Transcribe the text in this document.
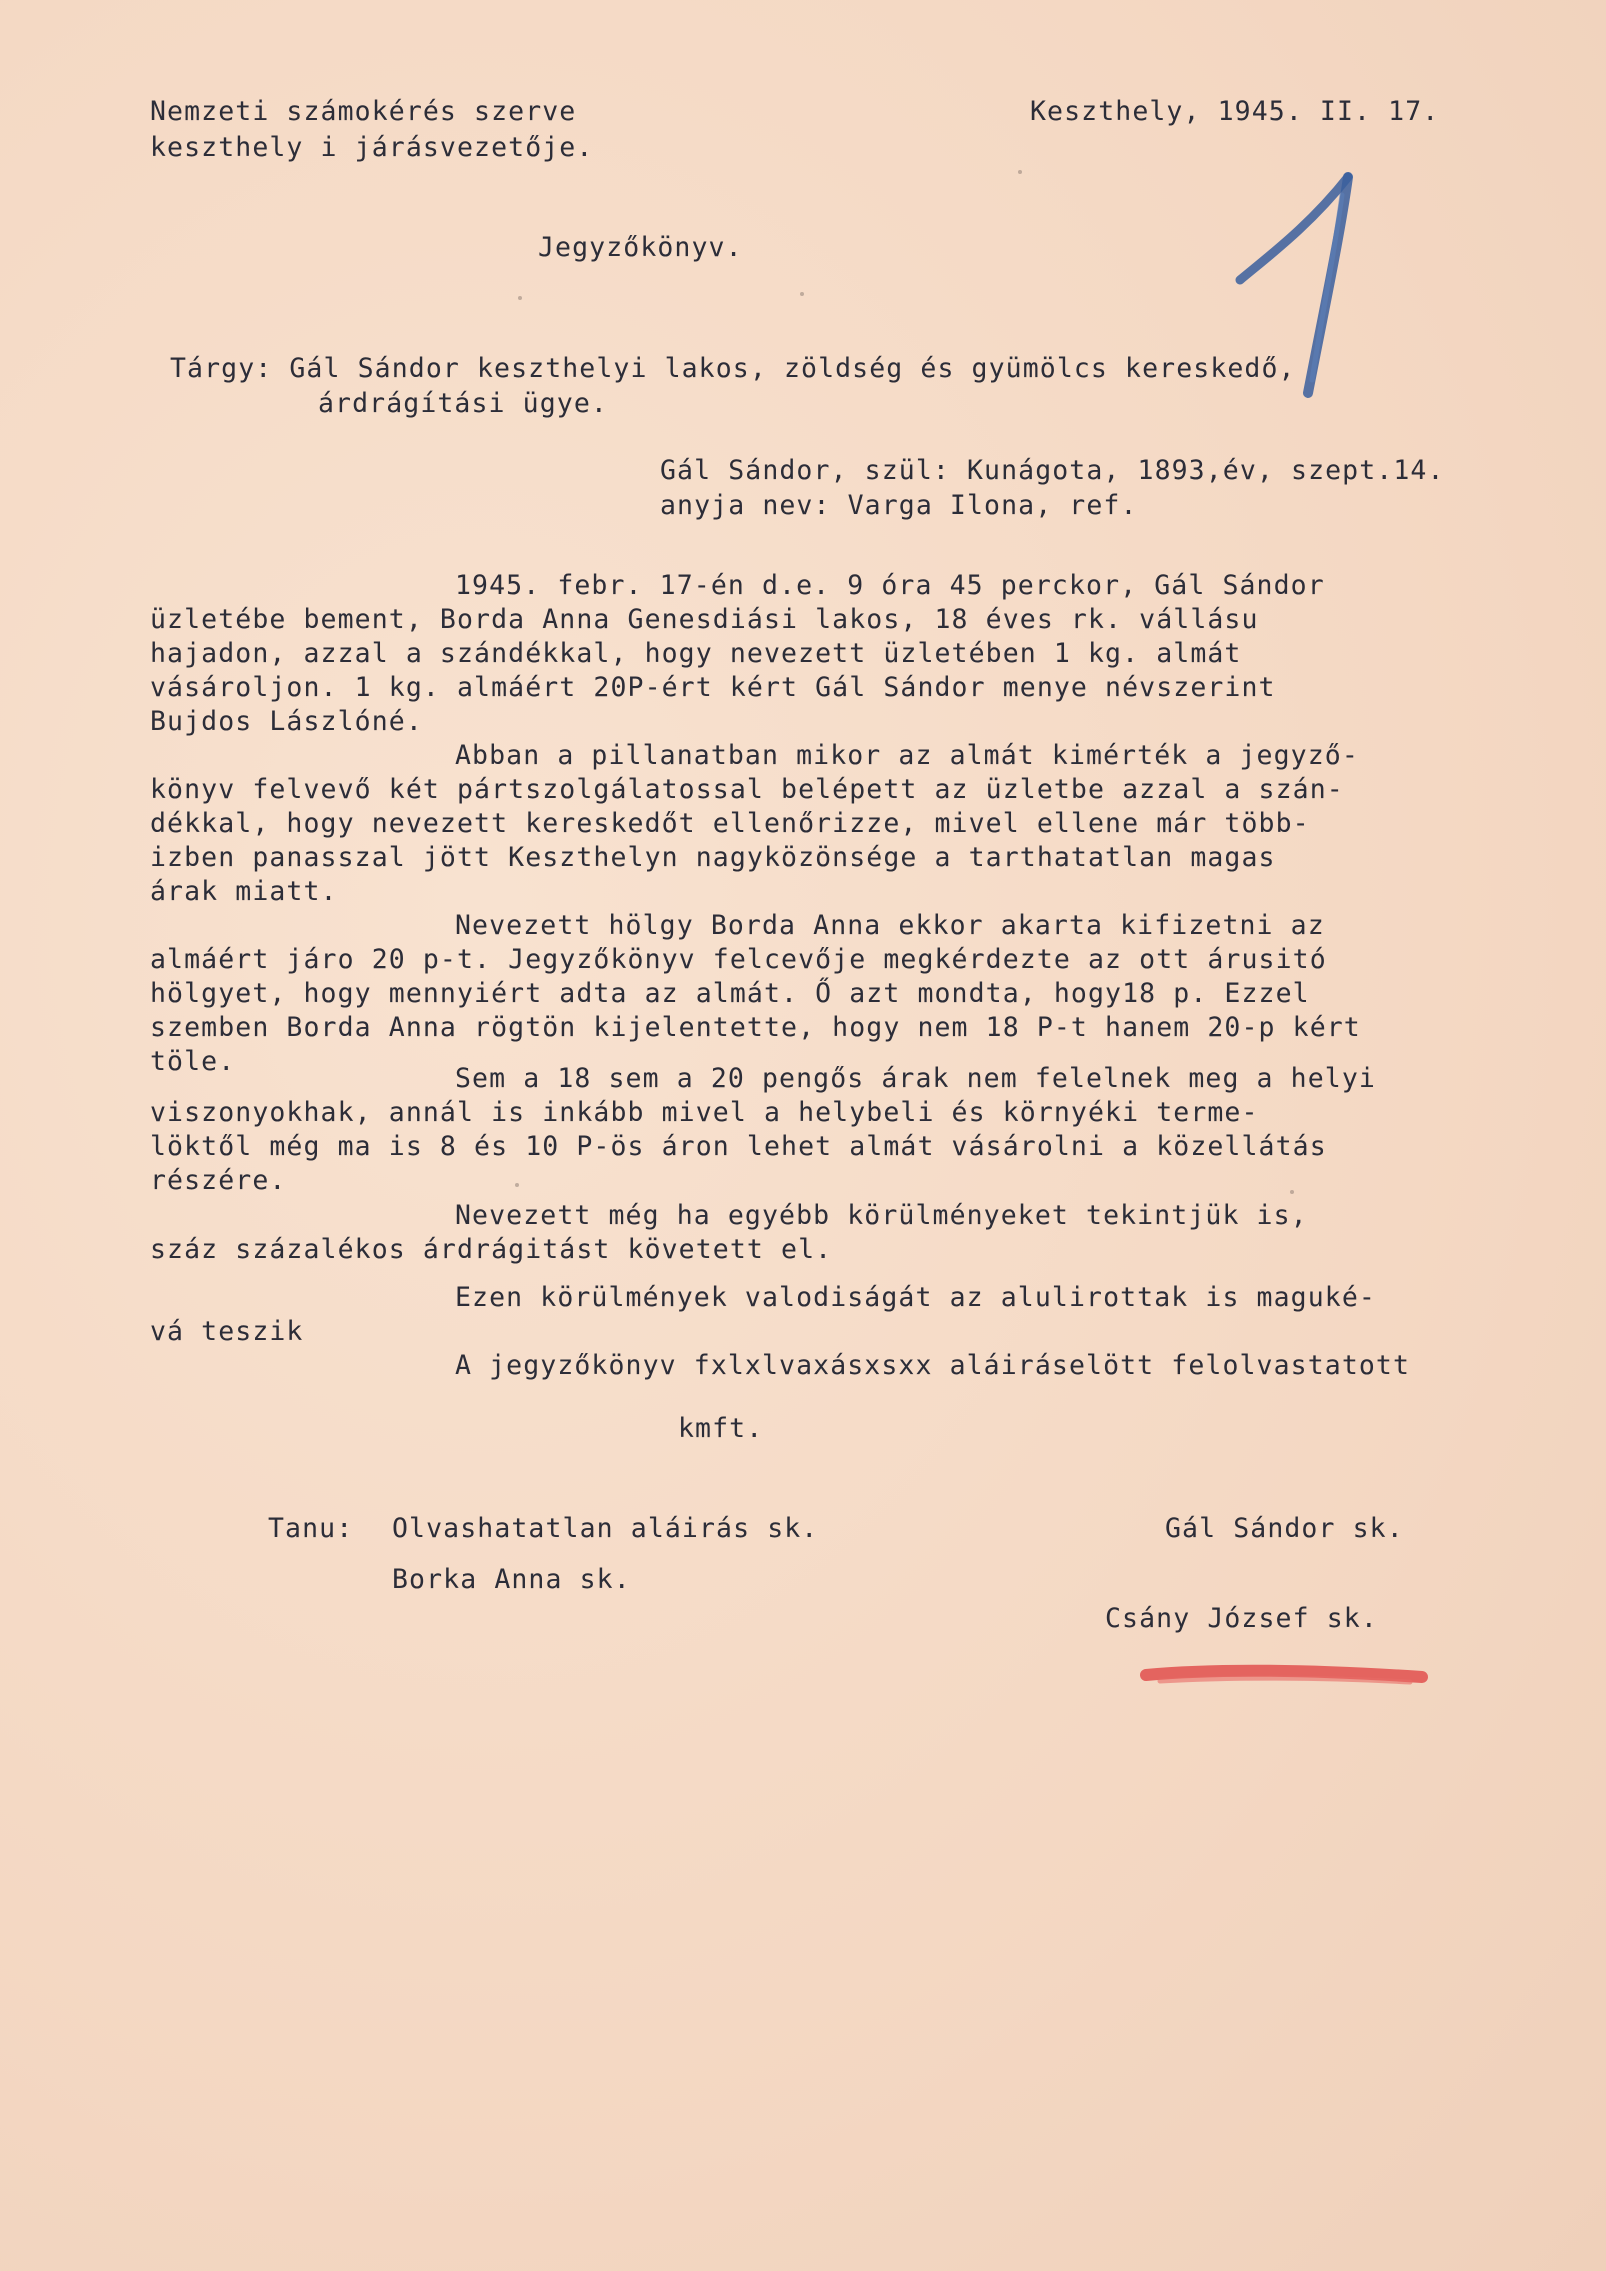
Nemzeti számokérés szerve
keszthely i járásvezetője.
Keszthely, 1945. II. 17.
Jegyzőkönyv.
Tárgy: Gál Sándor keszthelyi lakos, zöldség és gyümölcs kereskedő,
árdrágítási ügye.
Gál Sándor, szül: Kunágota, 1893,év, szept.14.
anyja nev: Varga Ilona, ref.
1945. febr. 17-én d.e. 9 óra 45 perckor, Gál Sándor
üzletébe bement, Borda Anna Genesdiási lakos, 18 éves rk. vállásu
hajadon, azzal a szándékkal, hogy nevezett üzletében 1 kg. almát
vásároljon. 1 kg. almáért 20P-ért kért Gál Sándor menye névszerint
Bujdos Lászlóné.
Abban a pillanatban mikor az almát kimérték a jegyző-
könyv felvevő két pártszolgálatossal belépett az üzletbe azzal a szán-
dékkal, hogy nevezett kereskedőt ellenőrizze, mivel ellene már több-
izben panasszal jött Keszthelyn nagyközönsége a tarthatatlan magas
árak miatt.
Nevezett hölgy Borda Anna ekkor akarta kifizetni az
almáért járo 20 p-t. Jegyzőkönyv felcevője megkérdezte az ott árusitó
hölgyet, hogy mennyiért adta az almát. Ő azt mondta, hogy18 p. Ezzel
szemben Borda Anna rögtön kijelentette, hogy nem 18 P-t hanem 20-p kért
töle.
Sem a 18 sem a 20 pengős árak nem felelnek meg a helyi
viszonyokhak, annál is inkább mivel a helybeli és környéki terme-
löktől még ma is 8 és 10 P-ös áron lehet almát vásárolni a közellátás
részére.
Nevezett még ha egyébb körülményeket tekintjük is,
száz százalékos árdrágitást követett el.
Ezen körülmények valodiságát az alulirottak is maguké-
vá teszik
A jegyzőkönyv fxlxlvaxásxsxx aláiráselött felolvastatott
kmft.
Tanu: Olvashatatlan aláirás sk.
Borka Anna sk.
Gál Sándor sk.
Csány József sk.
